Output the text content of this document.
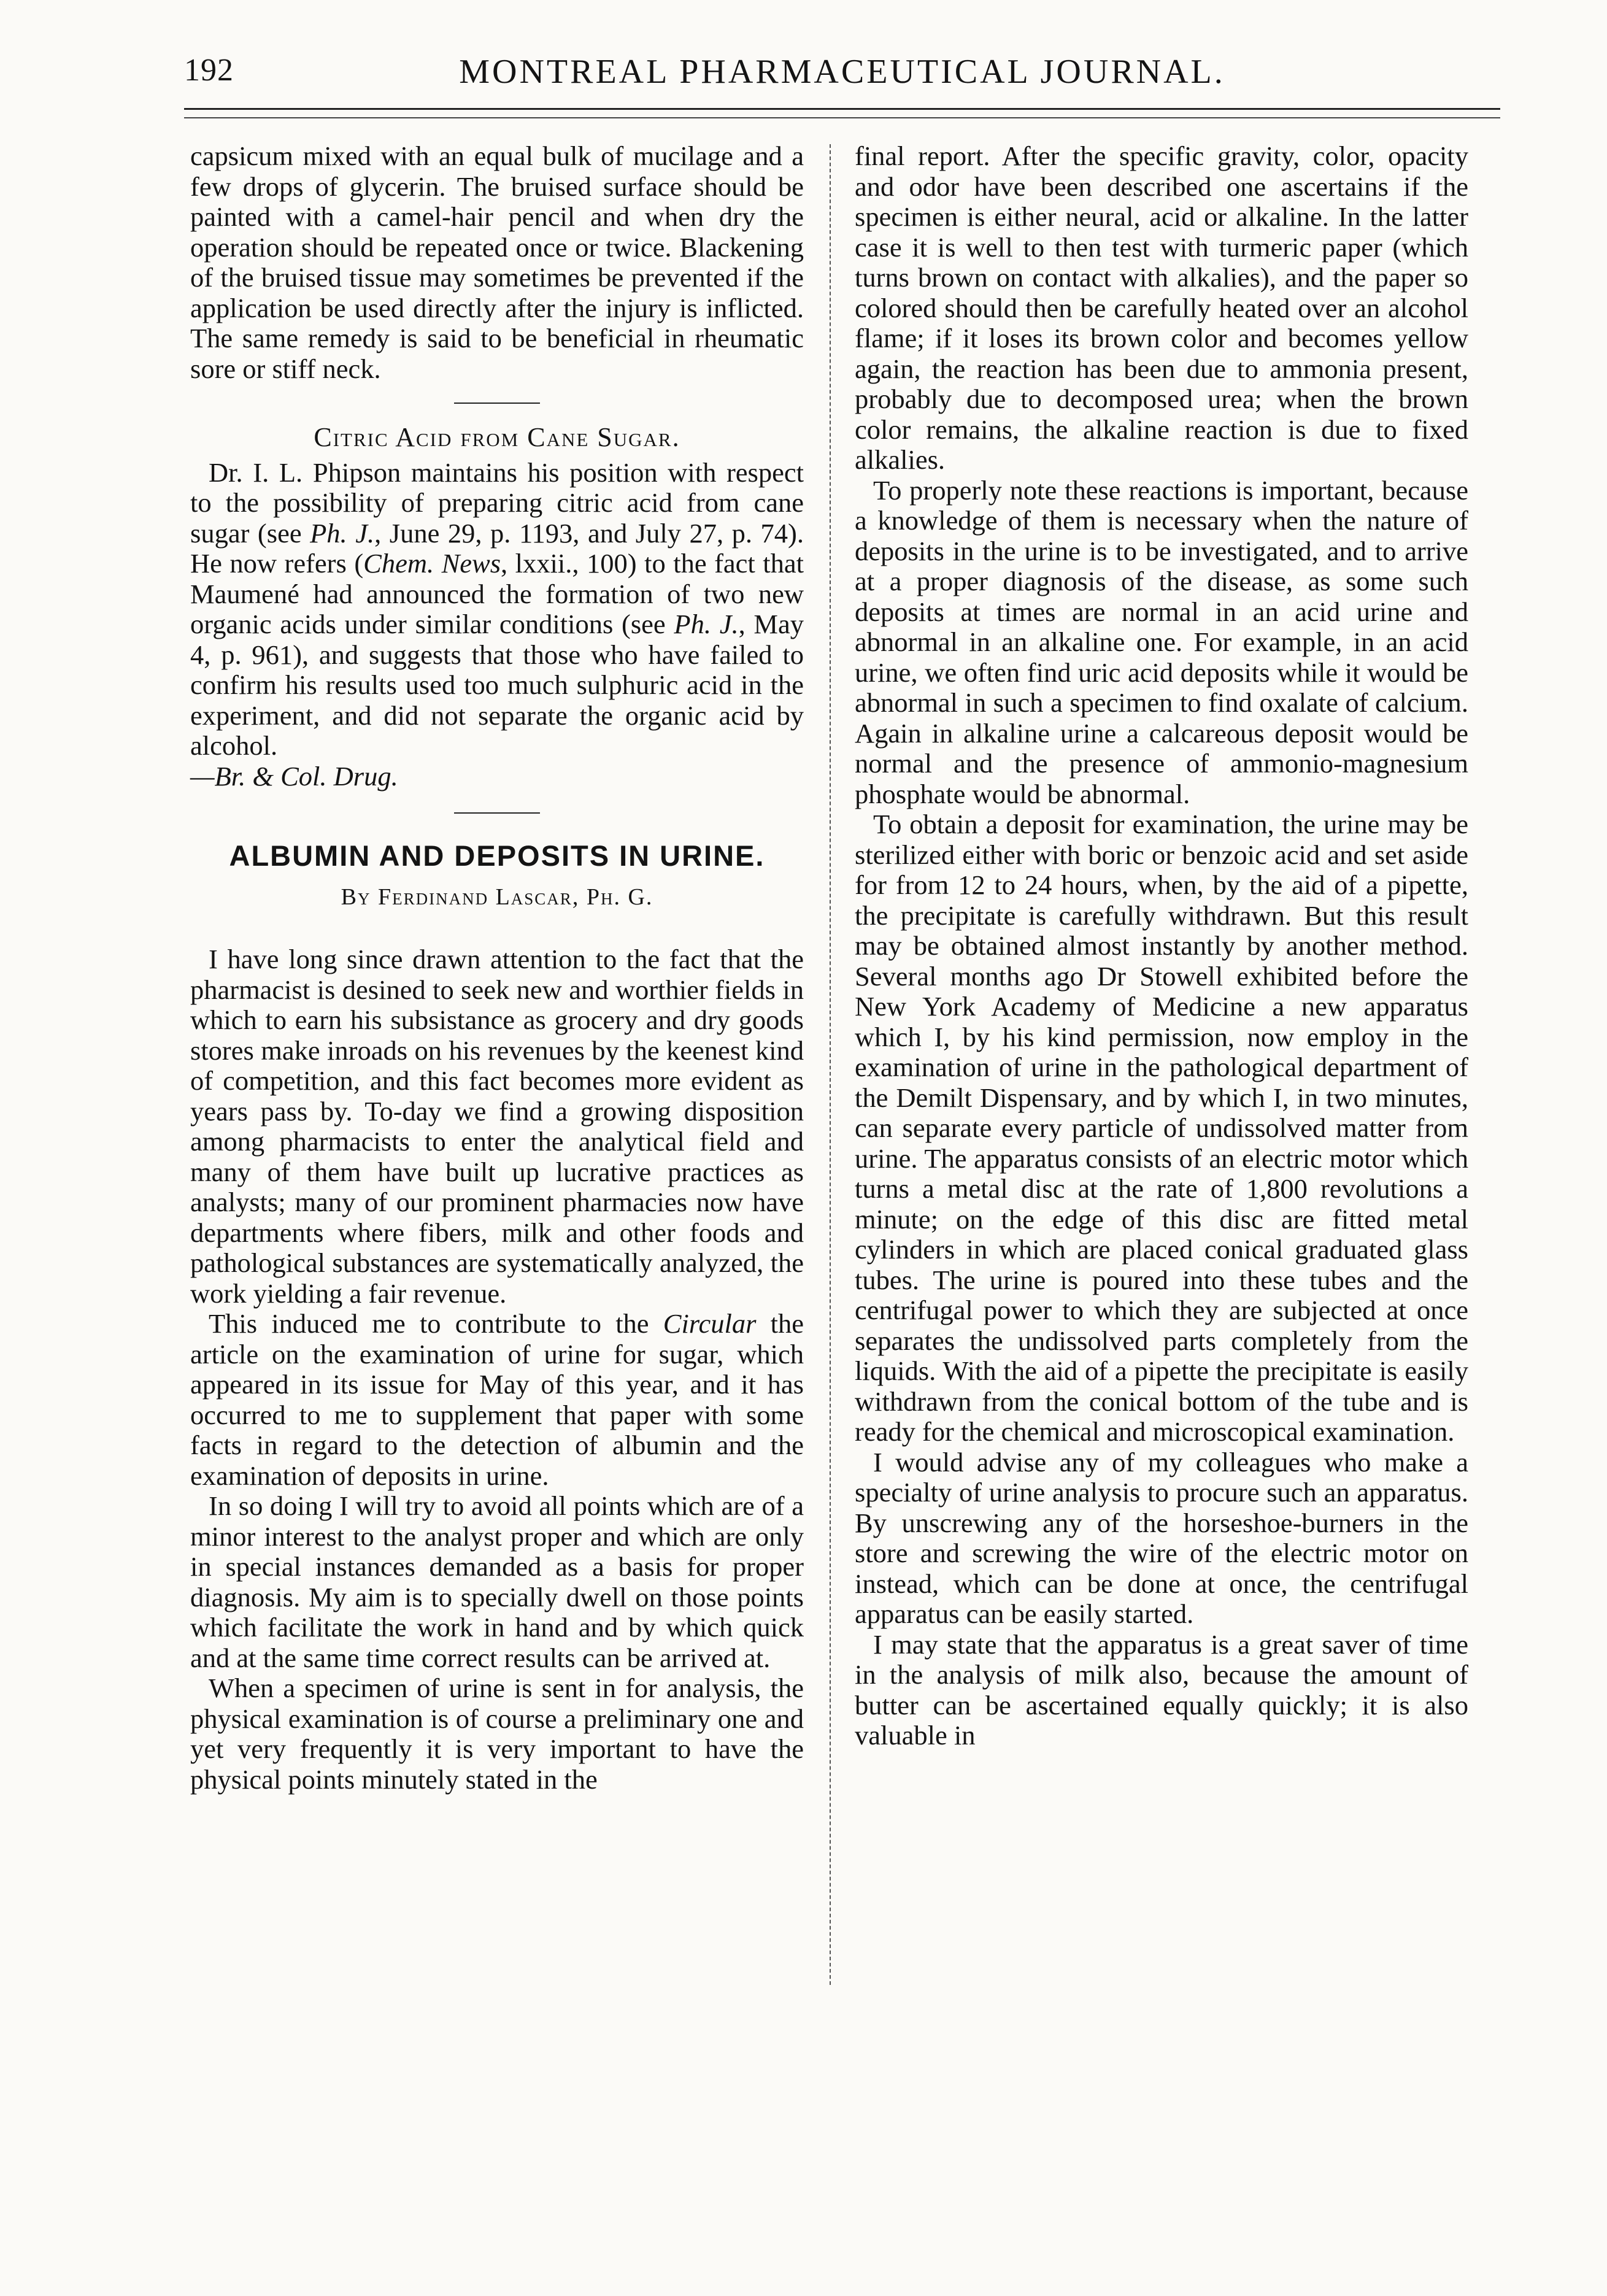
192	MONTREAL PHARMACEUTICAL JOURNAL.

capsicum mixed with an equal bulk of mucilage and a few drops of glycerin. The bruised surface should be painted with a camel-hair pencil and when dry the operation should be repeated once or twice. Blackening of the bruised tissue may sometimes be prevented if the application be used directly after the injury is inflicted. The same remedy is said to be beneficial in rheumatic sore or stiff neck.

Citric Acid from Cane Sugar.

Dr. I. L. Phipson maintains his position with respect to the possibility of preparing citric acid from cane sugar (see Ph. J., June 29, p. 1193, and July 27, p. 74). He now refers (Chem. News, lxxii., 100) to the fact that Maumené had announced the formation of two new organic acids under similar conditions (see Ph. J., May 4, p. 961), and suggests that those who have failed to confirm his results used too much sulphuric acid in the experiment, and did not separate the organic acid by alcohol.
—Br. & Col. Drug.

ALBUMIN AND DEPOSITS IN URINE.
By Ferdinand Lascar, Ph. G.

I have long since drawn attention to the fact that the pharmacist is desined to seek new and worthier fields in which to earn his subsistance as grocery and dry goods stores make inroads on his revenues by the keenest kind of competition, and this fact becomes more evident as years pass by. To-day we find a growing disposition among pharmacists to enter the analytical field and many of them have built up lucrative practices as analysts; many of our prominent pharmacies now have departments where fibers, milk and other foods and pathological substances are systematically analyzed, the work yielding a fair revenue.

This induced me to contribute to the Circular the article on the examination of urine for sugar, which appeared in its issue for May of this year, and it has occurred to me to supplement that paper with some facts in regard to the detection of albumin and the examination of deposits in urine.

In so doing I will try to avoid all points which are of a minor interest to the analyst proper and which are only in special instances demanded as a basis for proper diagnosis. My aim is to specially dwell on those points which facilitate the work in hand and by which quick and at the same time correct results can be arrived at.

When a specimen of urine is sent in for analysis, the physical examination is of course a preliminary one and yet very frequently it is very important to have the physical points minutely stated in the

final report. After the specific gravity, color, opacity and odor have been described one ascertains if the specimen is either neural, acid or alkaline. In the latter case it is well to then test with turmeric paper (which turns brown on contact with alkalies), and the paper so colored should then be carefully heated over an alcohol flame; if it loses its brown color and becomes yellow again, the reaction has been due to ammonia present, probably due to decomposed urea; when the brown color remains, the alkaline reaction is due to fixed alkalies.

To properly note these reactions is important, because a knowledge of them is necessary when the nature of deposits in the urine is to be investigated, and to arrive at a proper diagnosis of the disease, as some such deposits at times are normal in an acid urine and abnormal in an alkaline one. For example, in an acid urine, we often find uric acid deposits while it would be abnormal in such a specimen to find oxalate of calcium. Again in alkaline urine a calcareous deposit would be normal and the presence of ammonio-magnesium phosphate would be abnormal.

To obtain a deposit for examination, the urine may be sterilized either with boric or benzoic acid and set aside for from 12 to 24 hours, when, by the aid of a pipette, the precipitate is carefully withdrawn. But this result may be obtained almost instantly by another method. Several months ago Dr Stowell exhibited before the New York Academy of Medicine a new apparatus which I, by his kind permission, now employ in the examination of urine in the pathological department of the Demilt Dispensary, and by which I, in two minutes, can separate every particle of undissolved matter from urine. The apparatus consists of an electric motor which turns a metal disc at the rate of 1,800 revolutions a minute; on the edge of this disc are fitted metal cylinders in which are placed conical graduated glass tubes. The urine is poured into these tubes and the centrifugal power to which they are subjected at once separates the undissolved parts completely from the liquids. With the aid of a pipette the precipitate is easily withdrawn from the conical bottom of the tube and is ready for the chemical and microscopical examination.

I would advise any of my colleagues who make a specialty of urine analysis to procure such an apparatus. By unscrewing any of the horseshoe-burners in the store and screwing the wire of the electric motor on instead, which can be done at once, the centrifugal apparatus can be easily started.

I may state that the apparatus is a great saver of time in the analysis of milk also, because the amount of butter can be ascertained equally quickly; it is also valuable in
